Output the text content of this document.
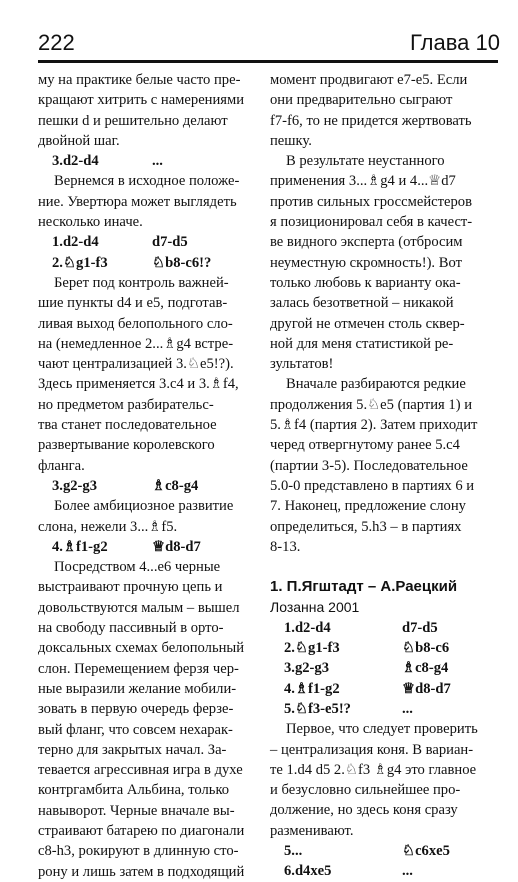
222	Глава 10

му на практике белые часто пре-

кращают хитрить с намерениями

пешки d и решительно делают

двойной шаг.

3.d2-d4	...

Вернемся в исходное положе-

ние. Увертюра может выглядеть

несколько иначе.

1.d2-d4	d7-d5
2.♘g1-f3	♘b8-c6!?

Берет под контроль важней-

шие пункты d4 и e5, подготав-

ливая выход белопольного сло-

на (немедленное 2...♗g4 встре-

чают централизацией 3.♘e5!?).

Здесь применяется 3.c4 и 3.♗f4,

но предметом разбирательс-

тва станет последовательное

развертывание королевского

фланга.

3.g2-g3	♗c8-g4

Более амбициозное развитие

слона, нежели 3...♗f5.

4.♗f1-g2	♕d8-d7

Посредством 4...e6 черные

выстраивают прочную цепь и

довольствуются малым – вышел

на свободу пассивный в орто-

доксальных схемах белопольный

слон. Перемещением ферзя чер-

ные выразили желание мобили-

зовать в первую очередь ферзе-

вый фланг, что совсем нехарак-

терно для закрытых начал. За-

тевается агрессивная игра в духе

контргамбита Альбина, только

навыворот. Черные вначале вы-

страивают батарею по диагонали

c8-h3, рокируют в длинную сто-

рону и лишь затем в подходящий

момент продвигают e7-e5. Если

они предварительно сыграют

f7-f6, то не придется жертвовать

пешку.

В результате неустанного

применения 3...♗g4 и 4...♕d7

против сильных гроссмейстеров

я позиционировал себя в качест-

ве видного эксперта (отбросим

неуместную скромность!). Вот

только любовь к варианту ока-

залась безответной – никакой

другой не отмечен столь сквер-

ной для меня статистикой ре-

зультатов!

Вначале разбираются редкие

продолжения 5.♘e5 (партия 1) и

5.♗f4 (партия 2). Затем приходит

черед отвергнутому ранее 5.c4

(партии 3-5). Последовательное

5.0-0 представлено в партиях 6 и

7. Наконец, предложение слону

определиться, 5.h3 – в партиях

8-13.

1. П.Ягштадт – А.Раецкий

Лозанна 2001

1.d2-d4	d7-d5
2.♘g1-f3	♘b8-c6
3.g2-g3	♗c8-g4
4.♗f1-g2	♕d8-d7
5.♘f3-e5!?	...

Первое, что следует проверить

– централизация коня. В вариан-

те 1.d4 d5 2.♘f3 ♗g4 это главное

и безусловно сильнейшее про-

должение, но здесь коня сразу

разменивают.

5...	♘c6xe5
6.d4xe5	...
